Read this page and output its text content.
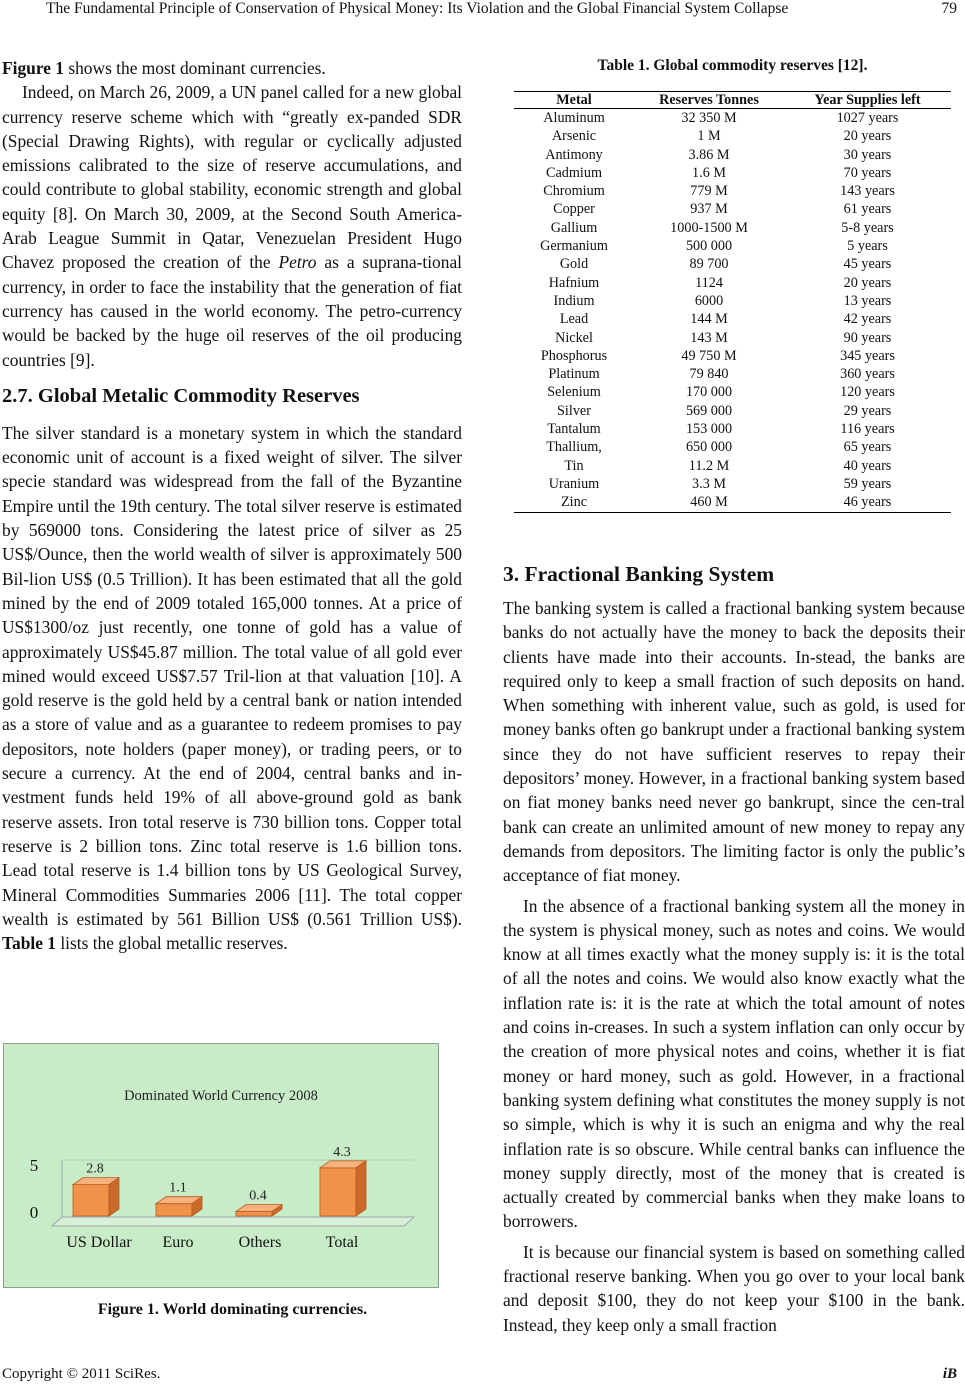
The Fundamental Principle of Conservation of Physical Money: Its Violation and the Global Financial System Collapse	79

Figure 1 shows the most dominant currencies.

Indeed, on March 26, 2009, a UN panel called for a new global currency reserve scheme which with “greatly ex-panded SDR (Special Drawing Rights), with regular or cyclically adjusted emissions calibrated to the size of reserve accumulations, and could contribute to global stability, economic strength and global equity [8]. On March 30, 2009, at the Second South America-Arab League Summit in Qatar, Venezuelan President Hugo Chavez proposed the creation of the Petro as a suprana-tional currency, in order to face the instability that the generation of fiat currency has caused in the world economy. The petro-currency would be backed by the huge oil reserves of the oil producing countries [9].

2.7. Global Metalic Commodity Reserves

The silver standard is a monetary system in which the standard economic unit of account is a fixed weight of silver. The silver specie standard was widespread from the fall of the Byzantine Empire until the 19th century. The total silver reserve is estimated by 569000 tons. Considering the latest price of silver as 25 US$/Ounce, then the world wealth of silver is approximately 500 Bil-lion US$ (0.5 Trillion). It has been estimated that all the gold mined by the end of 2009 totaled 165,000 tonnes. At a price of US$1300/oz just recently, one tonne of gold has a value of approximately US$45.87 million. The total value of all gold ever mined would exceed US$7.57 Tril-lion at that valuation [10]. A gold reserve is the gold held by a central bank or nation intended as a store of value and as a guarantee to redeem promises to pay depositors, note holders (paper money), or trading peers, or to secure a currency. At the end of 2004, central banks and in-vestment funds held 19% of all above-ground gold as bank reserve assets. Iron total reserve is 730 billion tons. Copper total reserve is 2 billion tons. Zinc total reserve is 1.6 billion tons. Lead total reserve is 1.4 billion tons by US Geological Survey, Mineral Commodities Summaries 2006 [11]. The total copper wealth is estimated by 561 Billion US$ (0.561 Trillion US$). Table 1 lists the global metallic reserves.

Dominated World Currency 2008
0
5	2.8
1.1
0.4
4.3
US Dollar Euro	Others	Total
Figure 1. World dominating currencies.
Table 1. Global commodity reserves [12].
Metal	Reserves Tonnes	Year Supplies left
Aluminum	32 350 M	1027 years
Arsenic	1 M	20 years
Antimony	3.86 M	30 years
Cadmium	1.6 M	70 years
Chromium	779 M	143 years
Copper	937 M	61 years
Gallium	1000-1500 M	5-8 years
Germanium	500 000	5 years
Gold	89 700	45 years
Hafnium	1124	20 years
Indium	6000	13 years
Lead	144 M	42 years
Nickel	143 M	90 years
Phosphorus	49 750 M	345 years
Platinum	79 840	360 years
Selenium	170 000	120 years
Silver	569 000	29 years
Tantalum	153 000	116 years
Thallium,	650 000	65 years
Tin	11.2 M	40 years
Uranium	3.3 M	59 years
Zinc	460 M	46 years
3. Fractional Banking System

The banking system is called a fractional banking system because banks do not actually have the money to back the deposits their clients have made into their accounts. In-stead, the banks are required only to keep a small fraction of such deposits on hand. When something with inherent value, such as gold, is used for money banks often go bankrupt under a fractional banking system since they do not have sufficient reserves to repay their depositors’ money. However, in a fractional banking system based on fiat money banks need never go bankrupt, since the cen-tral bank can create an unlimited amount of new money to repay any demands from depositors. The limiting factor is only the public’s acceptance of fiat money.

In the absence of a fractional banking system all the money in the system is physical money, such as notes and coins. We would know at all times exactly what the money supply is: it is the total of all the notes and coins. We would also know exactly what the inflation rate is: it is the rate at which the total amount of notes and coins in-creases. In such a system inflation can only occur by the creation of more physical notes and coins, whether it is fiat money or hard money, such as gold. However, in a fractional banking system defining what constitutes the money supply is not so simple, which is why it is such an enigma and why the real inflation rate is so obscure. While central banks can influence the money supply directly, most of the money that is created is actually created by commercial banks when they make loans to borrowers.

It is because our financial system is based on something called fractional reserve banking. When you go over to your local bank and deposit $100, they do not keep your $100 in the bank. Instead, they keep only a small fraction

Copyright © 2011 SciRes.	iB
